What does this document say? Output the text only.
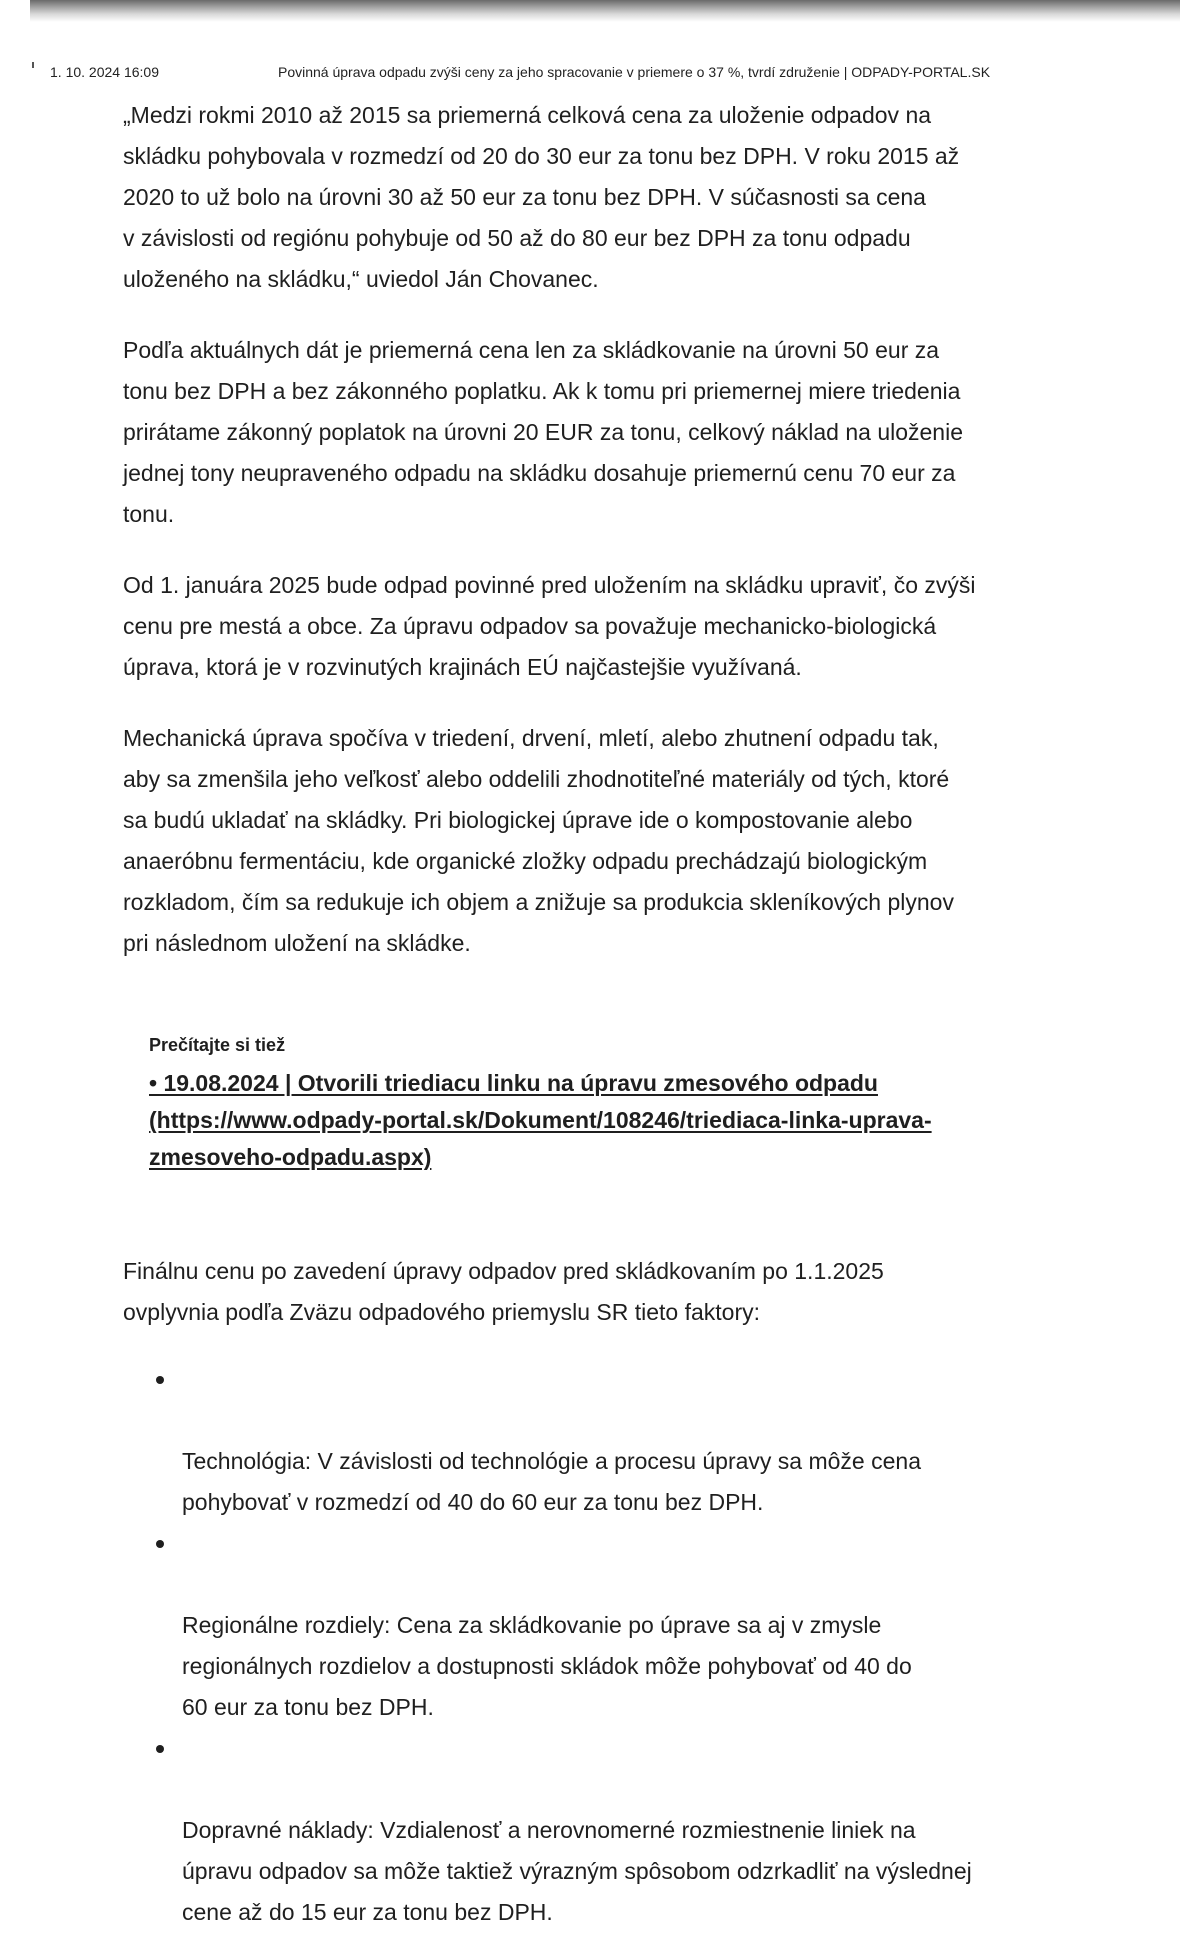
1. 10. 2024 16:09	Povinná úprava odpadu zvýši ceny za jeho spracovanie v priemere o 37 %, tvrdí združenie | ODPADY-PORTAL.SK

„Medzi rokmi 2010 až 2015 sa priemerná celková cena za uloženie odpadov na
skládku pohybovala v rozmedzí od 20 do 30 eur za tonu bez DPH. V roku 2015 až
2020 to už bolo na úrovni 30 až 50 eur za tonu bez DPH. V súčasnosti sa cena
v závislosti od regiónu pohybuje od 50 až do 80 eur bez DPH za tonu odpadu
uloženého na skládku,“ uviedol Ján Chovanec.

Podľa aktuálnych dát je priemerná cena len za skládkovanie na úrovni 50 eur za
tonu bez DPH a bez zákonného poplatku. Ak k tomu pri priemernej miere triedenia
prirátame zákonný poplatok na úrovni 20 EUR za tonu, celkový náklad na uloženie
jednej tony neupraveného odpadu na skládku dosahuje priemernú cenu 70 eur za
tonu.

Od 1. januára 2025 bude odpad povinné pred uložením na skládku upraviť, čo zvýši
cenu pre mestá a obce. Za úpravu odpadov sa považuje mechanicko-biologická
úprava, ktorá je v rozvinutých krajinách EÚ najčastejšie využívaná.

Mechanická úprava spočíva v triedení, drvení, mletí, alebo zhutnení odpadu tak,
aby sa zmenšila jeho veľkosť alebo oddelili zhodnotiteľné materiály od tých, ktoré
sa budú ukladať na skládky. Pri biologickej úprave ide o kompostovanie alebo
anaeróbnu fermentáciu, kde organické zložky odpadu prechádzajú biologickým
rozkladom, čím sa redukuje ich objem a znižuje sa produkcia skleníkových plynov
pri následnom uložení na skládke.

Prečítajte si tiež
• 19.08.2024 | Otvorili triediacu linku na úpravu zmesového odpadu
(https://www.odpady-portal.sk/Dokument/108246/triediaca-linka-uprava-
zmesoveho-odpadu.aspx)

Finálnu cenu po zavedení úpravy odpadov pred skládkovaním po 1.1.2025
ovplyvnia podľa Zväzu odpadového priemyslu SR tieto faktory:

Technológia: V závislosti od technológie a procesu úpravy sa môže cena
pohybovať v rozmedzí od 40 do 60 eur za tonu bez DPH.

Regionálne rozdiely: Cena za skládkovanie po úprave sa aj v zmysle
regionálnych rozdielov a dostupnosti skládok môže pohybovať od 40 do
60 eur za tonu bez DPH.

Dopravné náklady: Vzdialenosť a nerovnomerné rozmiestnenie liniek na
úpravu odpadov sa môže taktiež výrazným spôsobom odzrkadliť na výslednej
cene až do 15 eur za tonu bez DPH.
